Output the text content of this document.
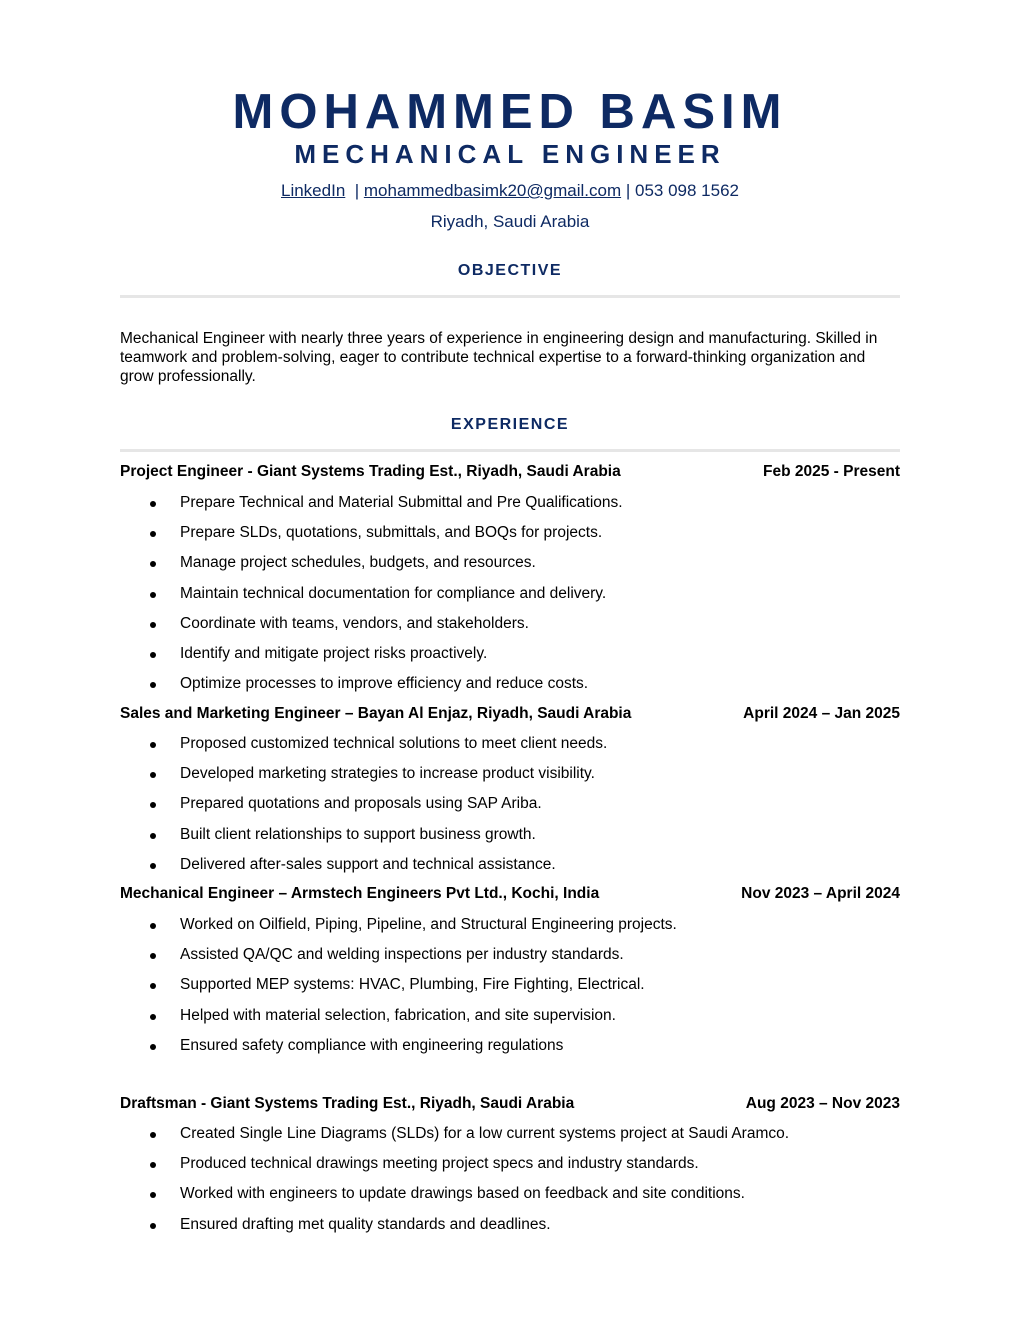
MOHAMMED BASIM
MECHANICAL ENGINEER
LinkedIn  | mohammedbasimk20@gmail.com | 053 098 1562
Riyadh, Saudi Arabia
OBJECTIVE
Mechanical Engineer with nearly three years of experience in engineering design and manufacturing. Skilled in teamwork and problem-solving, eager to contribute technical expertise to a forward-thinking organization and grow professionally.
EXPERIENCE
Project Engineer - Giant Systems Trading Est., Riyadh, Saudi Arabia	Feb 2025 - Present
Prepare Technical and Material Submittal and Pre Qualifications.
Prepare SLDs, quotations, submittals, and BOQs for projects.
Manage project schedules, budgets, and resources.
Maintain technical documentation for compliance and delivery.
Coordinate with teams, vendors, and stakeholders.
Identify and mitigate project risks proactively.
Optimize processes to improve efficiency and reduce costs.
Sales and Marketing Engineer – Bayan Al Enjaz, Riyadh, Saudi Arabia	April 2024 – Jan 2025
Proposed customized technical solutions to meet client needs.
Developed marketing strategies to increase product visibility.
Prepared quotations and proposals using SAP Ariba.
Built client relationships to support business growth.
Delivered after-sales support and technical assistance.
Mechanical Engineer – Armstech Engineers Pvt Ltd., Kochi, India	Nov 2023 – April 2024
Worked on Oilfield, Piping, Pipeline, and Structural Engineering projects.
Assisted QA/QC and welding inspections per industry standards.
Supported MEP systems: HVAC, Plumbing, Fire Fighting, Electrical.
Helped with material selection, fabrication, and site supervision.
Ensured safety compliance with engineering regulations
Draftsman - Giant Systems Trading Est., Riyadh, Saudi Arabia	Aug 2023 – Nov 2023
Created Single Line Diagrams (SLDs) for a low current systems project at Saudi Aramco.
Produced technical drawings meeting project specs and industry standards.
Worked with engineers to update drawings based on feedback and site conditions.
Ensured drafting met quality standards and deadlines.
